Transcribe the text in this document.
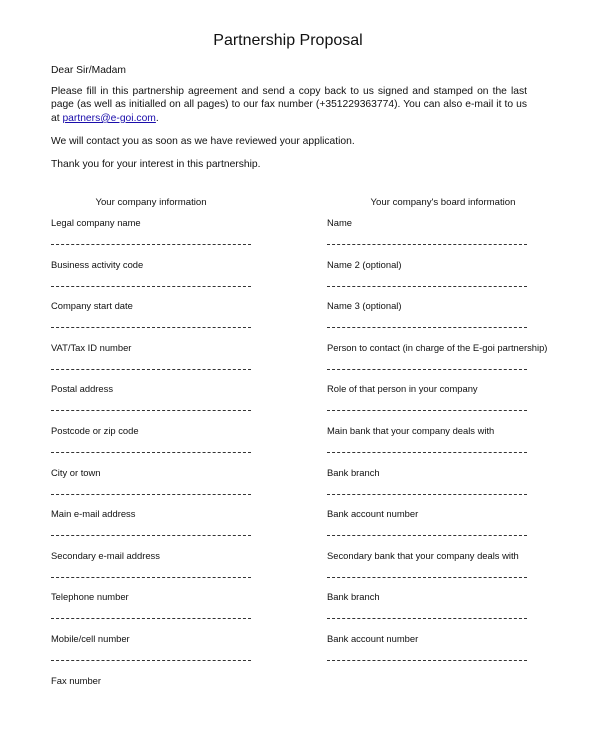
Partnership Proposal
Dear Sir/Madam
Please fill in this partnership agreement and send a copy back to us signed and stamped on the last page (as well as initialled on all pages) to our fax number (+351229363774). You can also e-mail it to us at partners@e-goi.com.
We will contact you as soon as we have reviewed your application.
Thank you for your interest in this partnership.
Your company information	Your company's board information
Legal company name
Business activity code
Company start date
VAT/Tax ID number
Postal address
Postcode or zip code
City or town
Main e-mail address
Secondary e-mail address
Telephone number
Mobile/cell number
Fax number
Name
Name 2 (optional)
Name 3 (optional)
Person to contact (in charge of the E-goi partnership)
Role of that person in your company
Main bank that your company deals with
Bank branch
Bank account number
Secondary bank that your company deals with
Bank branch
Bank account number
